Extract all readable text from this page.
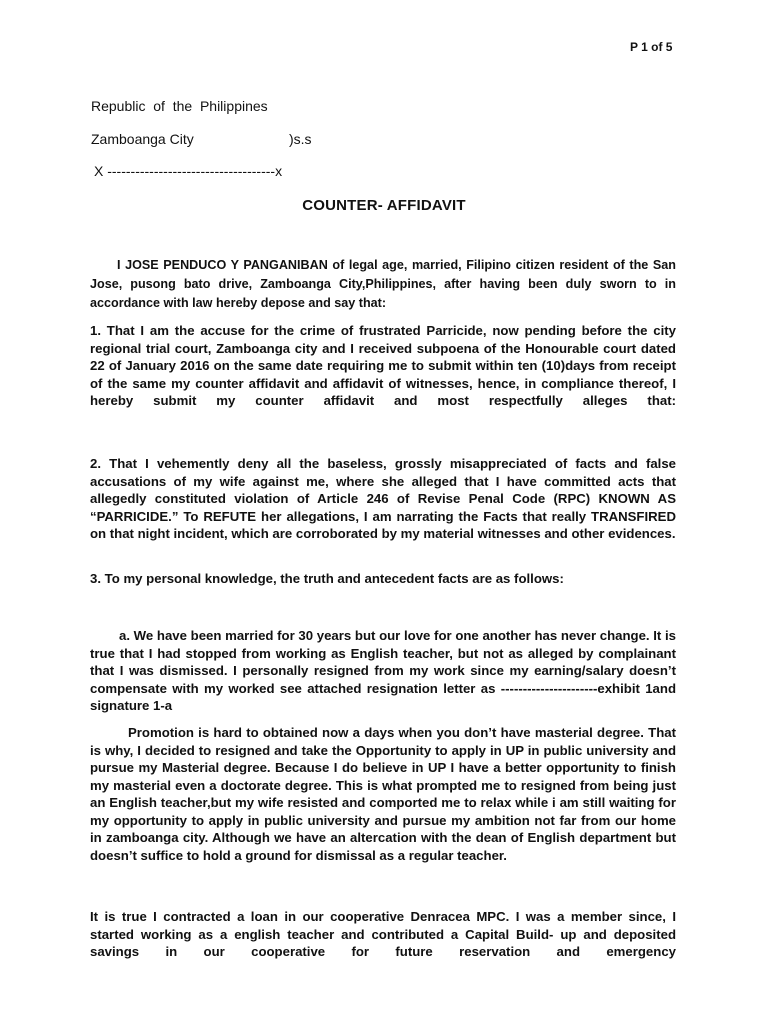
P 1 of 5
Republic  of  the  Philippines
Zamboanga City	)s.s
X ------------------------------------x
COUNTER- AFFIDAVIT
I JOSE PENDUCO Y PANGANIBAN of legal age, married, Filipino citizen resident of the San Jose, pusong bato drive, Zamboanga City,Philippines, after having been duly sworn to in accordance with law hereby depose and say that:
1. That I am the accuse for the crime of frustrated Parricide, now pending before the city regional trial court, Zamboanga city and I received subpoena of the Honourable court dated 22 of January 2016 on the same date requiring me to submit within ten (10)days from receipt of the same my counter affidavit and affidavit of witnesses, hence, in compliance thereof, I hereby submit my counter affidavit and most respectfully alleges that:
2. That I vehemently deny all the baseless, grossly misappreciated of facts and false accusations of my wife against me, where she alleged that I have committed acts that allegedly constituted violation of Article 246 of Revise Penal Code (RPC) KNOWN AS “PARRICIDE.” To REFUTE her allegations, I am narrating the Facts that really TRANSFIRED on that night incident, which are corroborated by my material witnesses and other evidences.
3. To my personal knowledge, the truth and antecedent facts are as follows:
a. We have been married for 30 years but our love for one another has never change. It is true that I had stopped from working as English teacher, but not as alleged by complainant that I was dismissed. I personally resigned from my work since my earning/salary doesn’t compensate with my worked see attached resignation letter as ----------------------exhibit 1and signature 1-a
Promotion is hard to obtained now a days when you don’t have masterial degree. That is why, I decided to resigned and take the Opportunity to apply in UP in public university and pursue my Masterial degree. Because I do believe in UP I have a better opportunity to finish my masterial even a doctorate degree. This is what prompted me to resigned from being just an English teacher,but my wife resisted and comported me to relax while i am still waiting for my opportunity to apply in public university and pursue my ambition not far from our home in zamboanga city. Although we have an altercation with the dean of English department but doesn’t suffice to hold a ground for dismissal as a regular teacher.
It is true I contracted a loan in our cooperative Denracea MPC. I was a member since, I started working as a english teacher and contributed a Capital Build- up and deposited savings in our cooperative for future reservation and emergency
